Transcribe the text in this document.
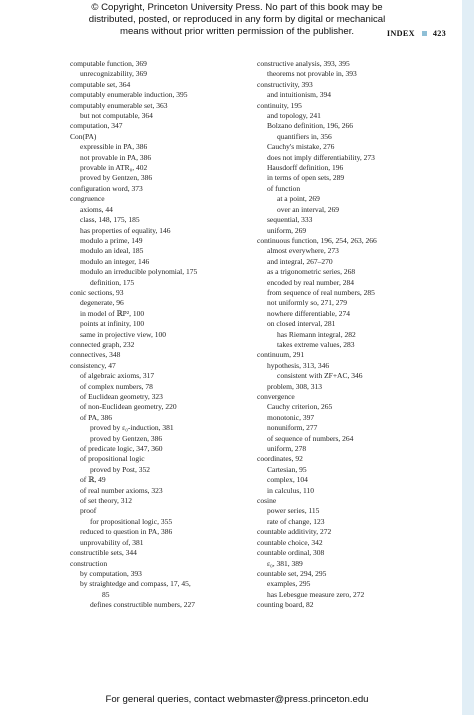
© Copyright, Princeton University Press. No part of this book may be
distributed, posted, or reproduced in any form by digital or mechanical
means without prior written permission of the publisher.	INDEX 423
computable function, 369
unrecognizability, 369
computable set, 364
computably enumerable induction, 395
computably enumerable set, 363
but not computable, 364
computation, 347
Con(PA)
expressible in PA, 386
not provable in PA, 386
provable in ATR₀, 402
proved by Gentzen, 386
configuration word, 373
congruence
axioms, 44
class, 148, 175, 185
has properties of equality, 146
modulo a prime, 149
modulo an ideal, 185
modulo an integer, 146
modulo an irreducible polynomial, 175
definition, 175
conic sections, 93
degenerate, 96
in model of ℝP², 100
points at infinity, 100
same in projective view, 100
connected graph, 232
connectives, 348
consistency, 47
of algebraic axioms, 317
of complex numbers, 78
of Euclidean geometry, 323
of non-Euclidean geometry, 220
of PA, 386
proved by ε₀-induction, 381
proved by Gentzen, 386
of predicate logic, 347, 360
of propositional logic
proved by Post, 352
of ℝ, 49
of real number axioms, 323
of set theory, 312
proof
for propositional logic, 355
reduced to question in PA, 386
unprovability of, 381
constructible sets, 344
construction
by computation, 393
by straightedge and compass, 17, 45,
85
defines constructible numbers, 227
constructive analysis, 393, 395
theorems not provable in, 393
constructivity, 393
and intuitionism, 394
continuity, 195
and topology, 241
Bolzano definition, 196, 266
quantifiers in, 356
Cauchy's mistake, 276
does not imply differentiability, 273
Hausdorff definition, 196
in terms of open sets, 289
of function
at a point, 269
over an interval, 269
sequential, 333
uniform, 269
continuous function, 196, 254, 263, 266
almost everywhere, 273
and integral, 267–270
as a trigonometric series, 268
encoded by real number, 284
from sequence of real numbers, 285
not uniformly so, 271, 279
nowhere differentiable, 274
on closed interval, 281
has Riemann integral, 282
takes extreme values, 283
continuum, 291
hypothesis, 313, 346
consistent with ZF+AC, 346
problem, 308, 313
convergence
Cauchy criterion, 265
monotonic, 397
nonuniform, 277
of sequence of numbers, 264
uniform, 278
coordinates, 92
Cartesian, 95
complex, 104
in calculus, 110
cosine
power series, 115
rate of change, 123
countable additivity, 272
countable choice, 342
countable ordinal, 308
ε₀, 381, 389
countable set, 294, 295
examples, 295
has Lebesgue measure zero, 272
counting board, 82
For general queries, contact webmaster@press.princeton.edu
